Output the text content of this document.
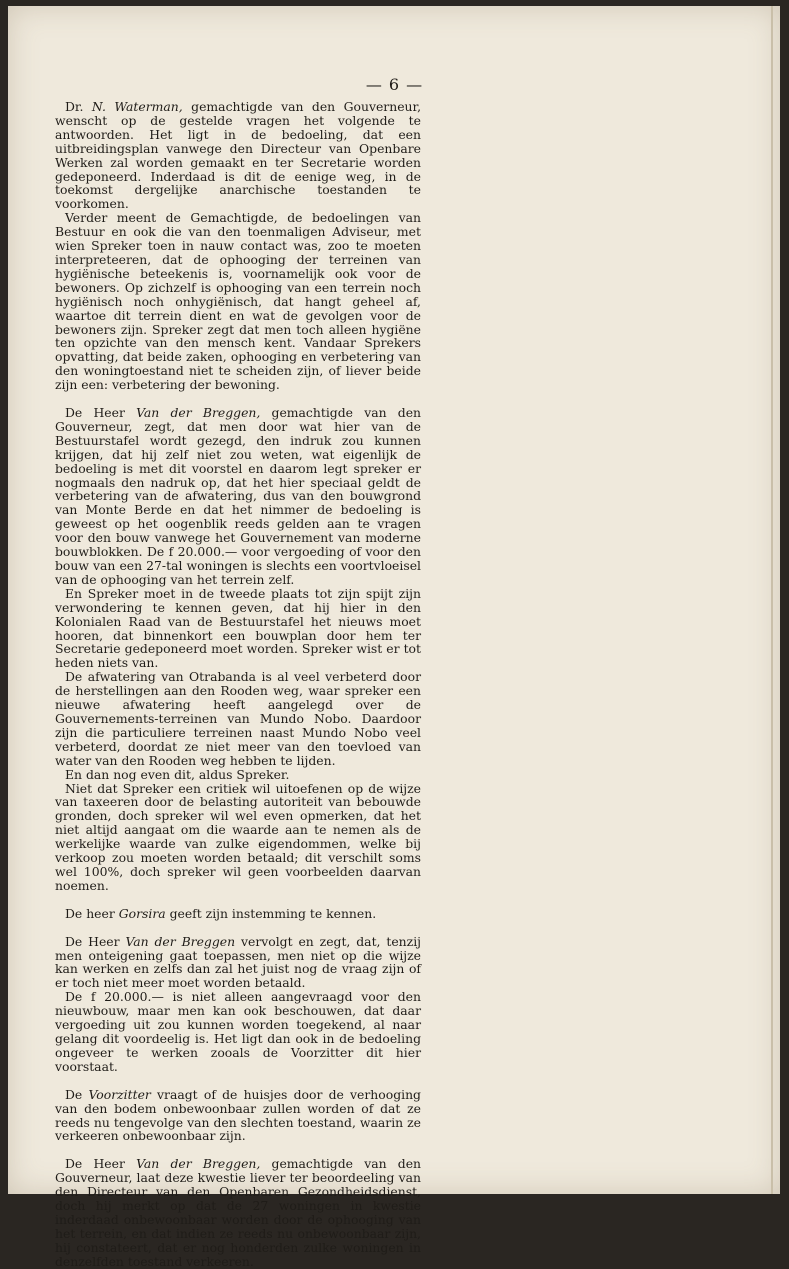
— 6 —

Dr. N. Waterman, gemachtigde van den Gouverneur, wenscht op de gestelde vragen het volgende te antwoorden. Het ligt in de bedoeling, dat een uitbreidingsplan vanwege den Directeur van Openbare Werken zal worden gemaakt en ter Secretarie worden gedeponeerd. Inderdaad is dit de eenige weg, in de toekomst dergelijke anarchische toestanden te voorkomen.

Verder meent de Gemachtigde, de bedoelingen van Bestuur en ook die van den toenmaligen Adviseur, met wien Spreker toen in nauw contact was, zoo te moeten interpreteeren, dat de ophooging der terreinen van hygiënische beteekenis is, voornamelijk ook voor de bewoners. Op zichzelf is ophooging van een terrein noch hygiënisch noch onhygiënisch, dat hangt geheel af, waartoe dit terrein dient en wat de gevolgen voor de bewoners zijn. Spreker zegt dat men toch alleen hygiëne ten opzichte van den mensch kent. Vandaar Sprekers opvatting, dat beide zaken, ophooging en verbetering van den woningtoestand niet te scheiden zijn, of liever beide zijn een: verbetering der bewoning.

De Heer Van der Breggen, gemachtigde van den Gouverneur, zegt, dat men door wat hier van de Bestuurstafel wordt gezegd, den indruk zou kunnen krijgen, dat hij zelf niet zou weten, wat eigenlijk de bedoeling is met dit voorstel en daarom legt spreker er nogmaals den nadruk op, dat het hier speciaal geldt de verbetering van de afwatering, dus van den bouwgrond van Monte Berde en dat het nimmer de bedoeling is geweest op het oogenblik reeds gelden aan te vragen voor den bouw vanwege het Gouvernement van moderne bouwblokken. De f 20.000.— voor vergoeding of voor den bouw van een 27-tal woningen is slechts een voortvloeisel van de ophooging van het terrein zelf.

En Spreker moet in de tweede plaats tot zijn spijt zijn verwondering te kennen geven, dat hij hier in den Kolonialen Raad van de Bestuurstafel het nieuws moet hooren, dat binnenkort een bouwplan door hem ter Secretarie gedeponeerd moet worden. Spreker wist er tot heden niets van.

De afwatering van Otrabanda is al veel verbeterd door de herstellingen aan den Rooden weg, waar spreker een nieuwe afwatering heeft aangelegd over de Gouvernements-terreinen van Mundo Nobo. Daardoor zijn die particuliere terreinen naast Mundo Nobo veel verbeterd, doordat ze niet meer van den toevloed van water van den Rooden weg hebben te lijden.

En dan nog even dit, aldus Spreker.

Niet dat Spreker een critiek wil uitoefenen op de wijze van taxeeren door de belasting autoriteit van bebouwde gronden, doch spreker wil wel even opmerken, dat het niet altijd aangaat om die waarde aan te nemen als de werkelijke waarde van zulke eigendommen, welke bij verkoop zou moeten worden betaald; dit verschilt soms wel 100%, doch spreker wil geen voorbeelden daarvan noemen.

De heer Gorsira geeft zijn instemming te kennen.

De Heer Van der Breggen vervolgt en zegt, dat, tenzij men onteigening gaat toepassen, men niet op die wijze kan werken en zelfs dan zal het juist nog de vraag zijn of er toch niet meer moet worden betaald.

De f 20.000.— is niet alleen aangevraagd voor den nieuwbouw, maar men kan ook beschouwen, dat daar vergoeding uit zou kunnen worden toegekend, al naar gelang dit voordeelig is. Het ligt dan ook in de bedoeling ongeveer te werken zooals de Voorzitter dit hier voorstaat.

De Voorzitter vraagt of de huisjes door de verhooging van den bodem onbewoonbaar zullen worden of dat ze reeds nu tengevolge van den slechten toestand, waarin ze verkeeren onbewoonbaar zijn.

De Heer Van der Breggen, gemachtigde van den Gouverneur, laat deze kwestie liever ter beoordeeling van den Directeur van den Openbaren Gezondheidsdienst, doch hij merkt op dat de 27 woningen in kwestie inderdaad onbewoonbaar worden door de ophooging van het terrein, en dat indien ze reeds nu onbewoonbaar zijn, hij constateert, dat er nog honderden zulke woningen in denzelfden toestand verkeeren.
